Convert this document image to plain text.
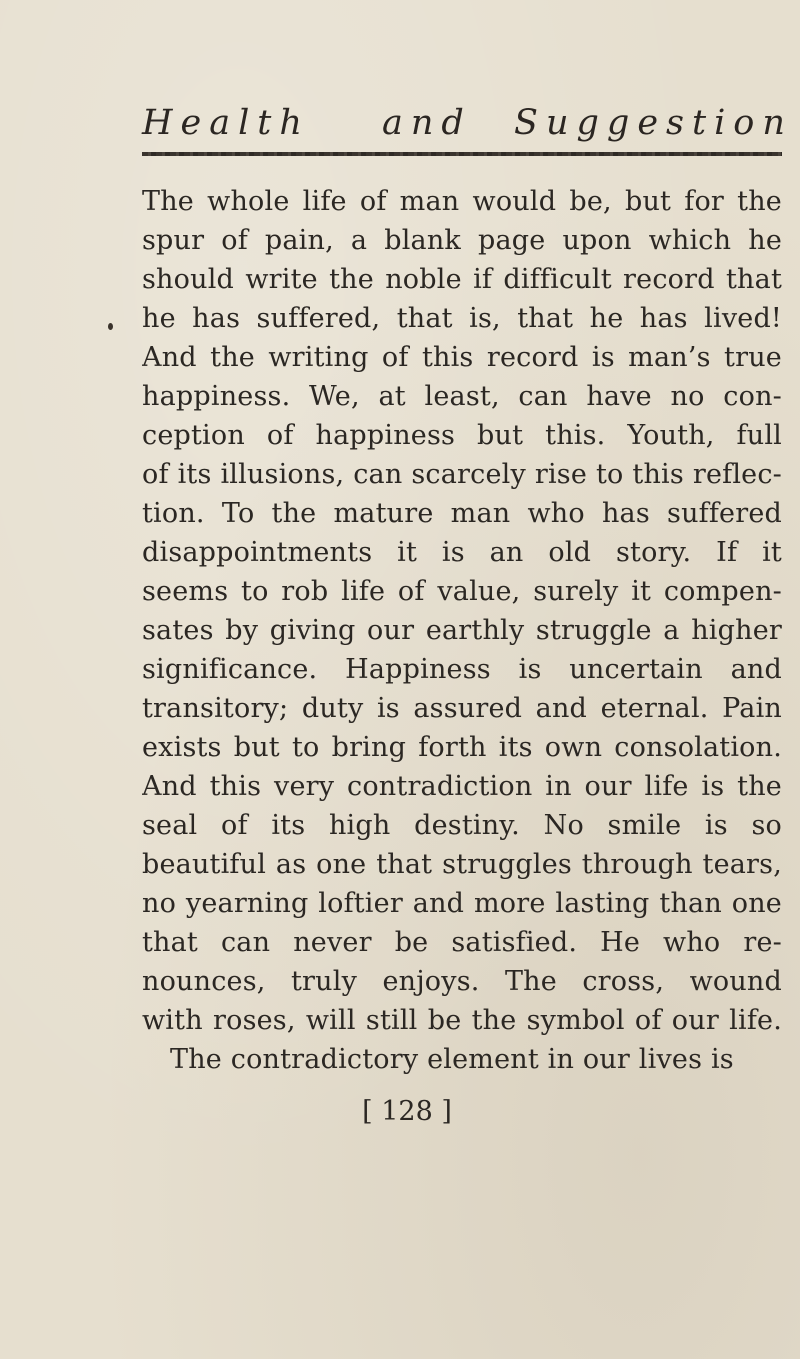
Health and Suggestion
The whole life of man would be, but for the
spur of pain, a blank page upon which he
should write the noble if difficult record that
he has suffered, that is, that he has lived!
And the writing of this record is man’s true
happiness. We, at least, can have no con-
ception of happiness but this. Youth, full
of its illusions, can scarcely rise to this reflec-
tion. To the mature man who has suffered
disappointments it is an old story. If it
seems to rob life of value, surely it compen-
sates by giving our earthly struggle a higher
significance. Happiness is uncertain and
transitory; duty is assured and eternal. Pain
exists but to bring forth its own consolation.
And this very contradiction in our life is the
seal of its high destiny. No smile is so
beautiful as one that struggles through tears,
no yearning loftier and more lasting than one
that can never be satisfied. He who re-
nounces, truly enjoys. The cross, wound
with roses, will still be the symbol of our life.
The contradictory element in our lives is
[ 128 ]
